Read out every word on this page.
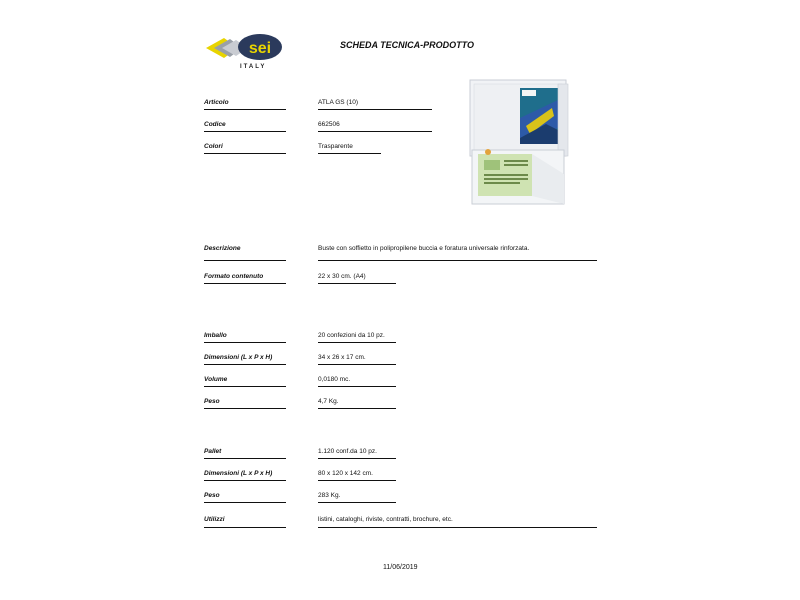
sei
ITALY
SCHEDA TECNICA-PRODOTTO
Articolo	ATLA GS (10)
Codice	662506
Colori	Trasparente
Descrizione	Buste con soffietto in polipropilene buccia e foratura universale rinforzata.
Formato contenuto	22 x 30 cm. (A4)
Imballo	20 confezioni da 10 pz.
Dimensioni (L x P x H)	34 x 26 x 17 cm.
Volume	0,0180 mc.
Peso	4,7 Kg.
Pallet	1.120 conf.da 10 pz.
Dimensioni (L x P x H)	80 x 120 x 142 cm.
Peso	283 Kg.
Utilizzi	listini, cataloghi, riviste, contratti, brochure, etc.
11/06/2019
